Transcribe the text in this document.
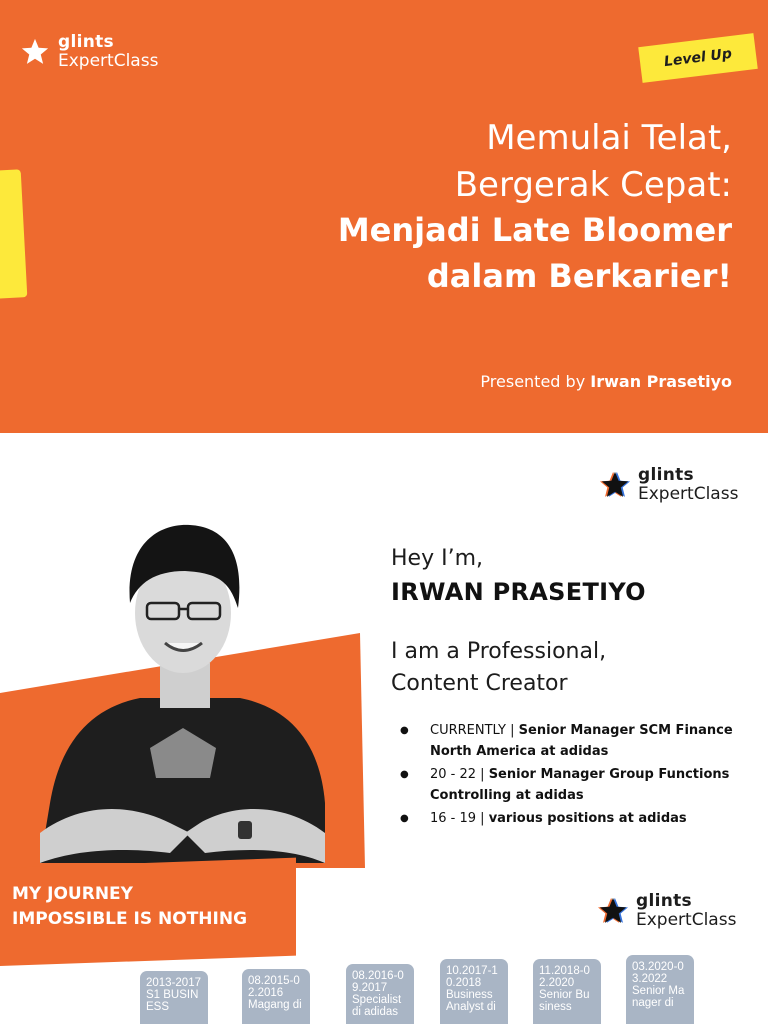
glints
ExpertClass	Level Up
Memulai Telat,
Bergerak Cepat:
Menjadi Late Bloomer
dalam Berkarier!
Presented by Irwan Prasetiyo
glints
ExpertClass
Hey I’m,
IRWAN PRASETIYO
I am a Professional,
Content Creator
● CURRENTLY | Senior Manager SCM Finance North America at adidas
● 20 - 22 | Senior Manager Group Functions Controlling at adidas
● 16 - 19 | various positions at adidas
MY JOURNEY
IMPOSSIBLE IS NOTHING
glints
ExpertClass
2013-2017
S1 BUSINESS
08.2015-02.2016
Magang di
08.2016-09.2017
Specialist di adidas
10.2017-10.2018
Business Analyst di
11.2018-02.2020
Senior Business
03.2020-03.2022
Senior Manager di
